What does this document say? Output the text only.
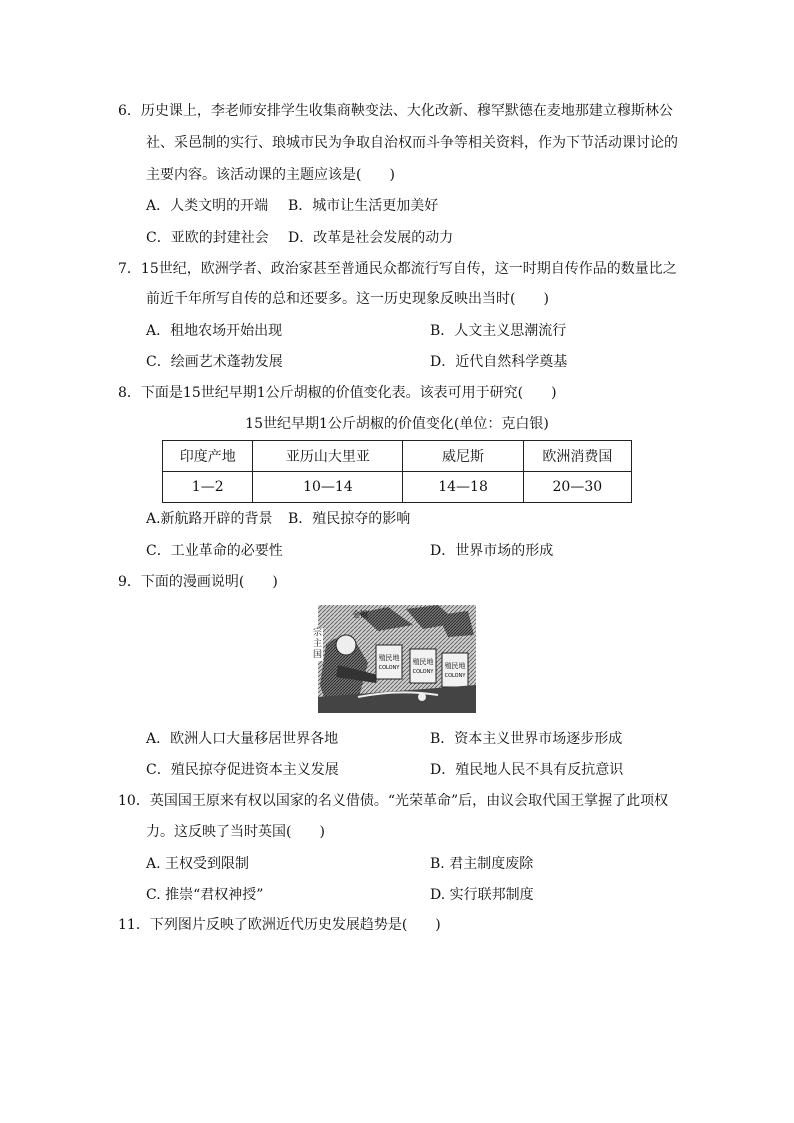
6．历史课上，李老师安排学生收集商鞅变法、大化改新、穆罕默德在麦地那建立穆斯林公
社、采邑制的实行、琅城市民为争取自治权而斗争等相关资料，作为下节活动课讨论的
主要内容。该活动课的主题应该是(　　)
A．人类文明的开端 B．城市让生活更加美好
C．亚欧的封建社会 D．改革是社会发展的动力
7．15世纪，欧洲学者、政治家甚至普通民众都流行写自传，这一时期自传作品的数量比之
前近千年所写自传的总和还要多。这一历史现象反映出当时(　　)
A．租地农场开始出现	B．人文主义思潮流行
C．绘画艺术蓬勃发展	D．近代自然科学奠基
8．下面是15世纪早期1公斤胡椒的价值变化表。该表可用于研究(　　)
15世纪早期1公斤胡椒的价值变化(单位：克白银)
印度产地	亚历山大里亚	威尼斯	欧洲消费国
1—2	10—14	14—18	20—30
A.新航路开辟的背景 B．殖民掠夺的影响
C．工业革命的必要性	D．世界市场的形成
9．下面的漫画说明(　　)
金银
殖民地
COLONY
殖民地
COLONY
殖民地
COLONY
宗主国
A．欧洲人口大量移居世界各地	B．资本主义世界市场逐步形成
C．殖民掠夺促进资本主义发展	D．殖民地人民不具有反抗意识
10．英国国王原来有权以国家的名义借债。“光荣革命”后，由议会取代国王掌握了此项权
力。这反映了当时英国(　　)
A. 王权受到限制	B. 君主制度废除
C. 推崇“君权神授”	D. 实行联邦制度
11．下列图片反映了欧洲近代历史发展趋势是(　　)
